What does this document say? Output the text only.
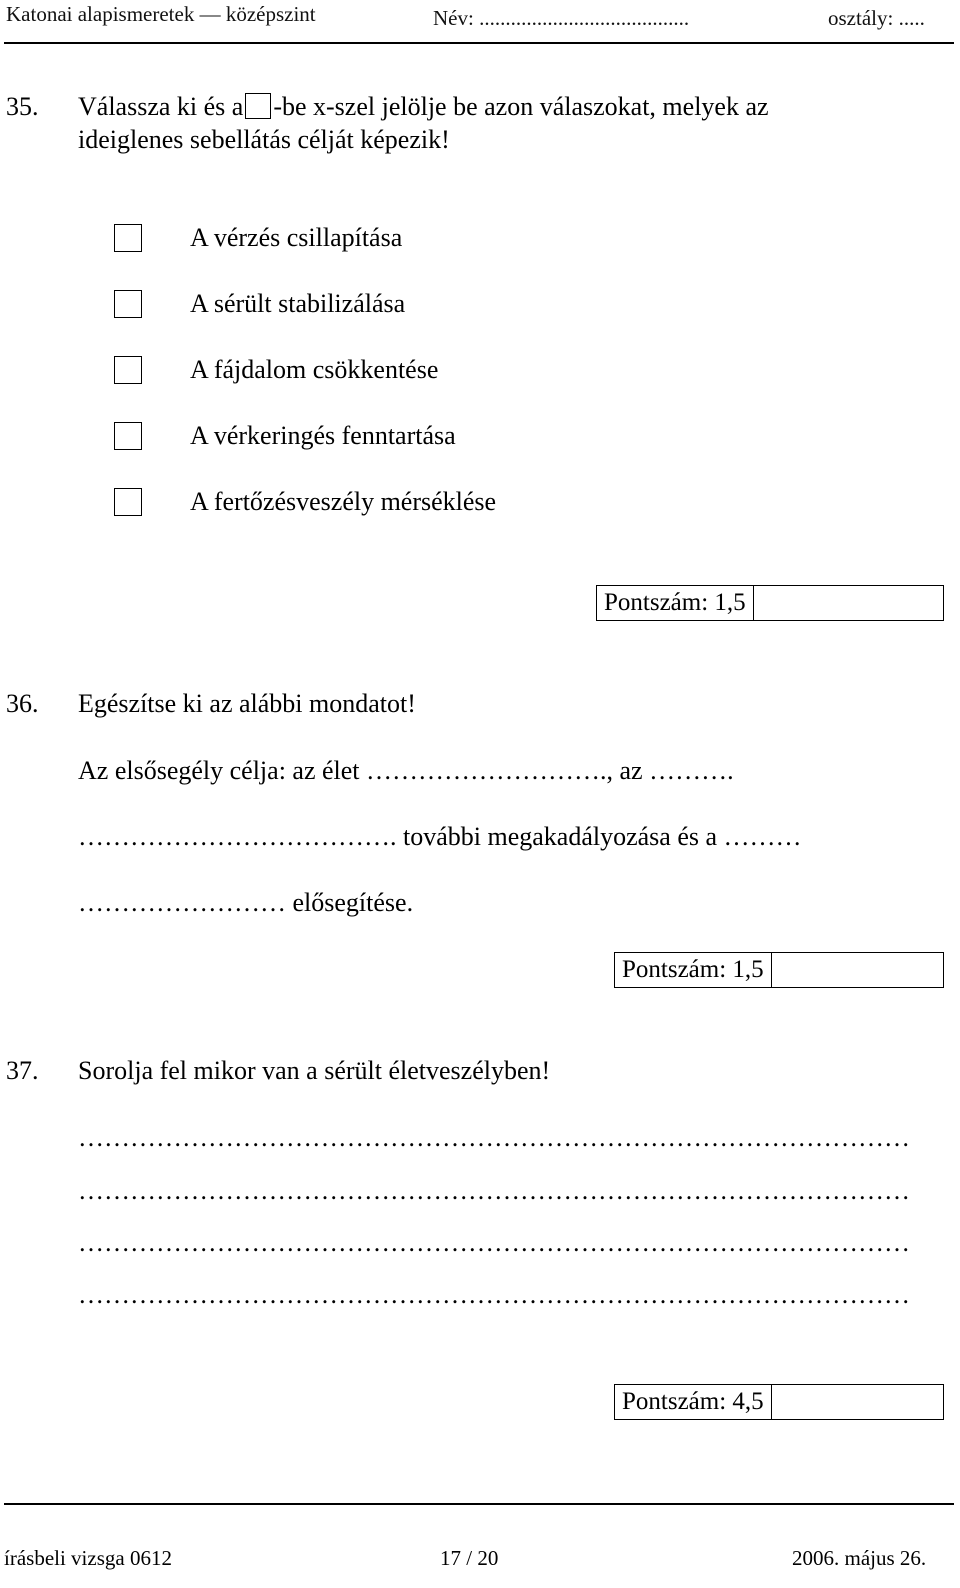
Katonai alapismeretek — középszint	Név: ........................................	osztály: .....
35. Válassza ki és a -be x-szel jelölje be azon válaszokat, melyek az
ideiglenes sebellátás célját képezik!
A vérzés csillapítása
A sérült stabilizálása
A fájdalom csökkentése
A vérkeringés fenntartása
A fertőzésveszély mérséklése
Pontszám: 1,5
36. Egészítse ki az alábbi mondatot!
Az elsősegély célja: az élet ………………………., az ……….
………………………………. további megakadályozása és a ………
…………………… elősegítése.
Pontszám: 1,5
37. Sorolja fel mikor van a sérült életveszélyben!
……………………………………………………………………………………
……………………………………………………………………………………
……………………………………………………………………………………
……………………………………………………………………………………
Pontszám: 4,5
írásbeli vizsga 0612	17 / 20	2006. május 26.
